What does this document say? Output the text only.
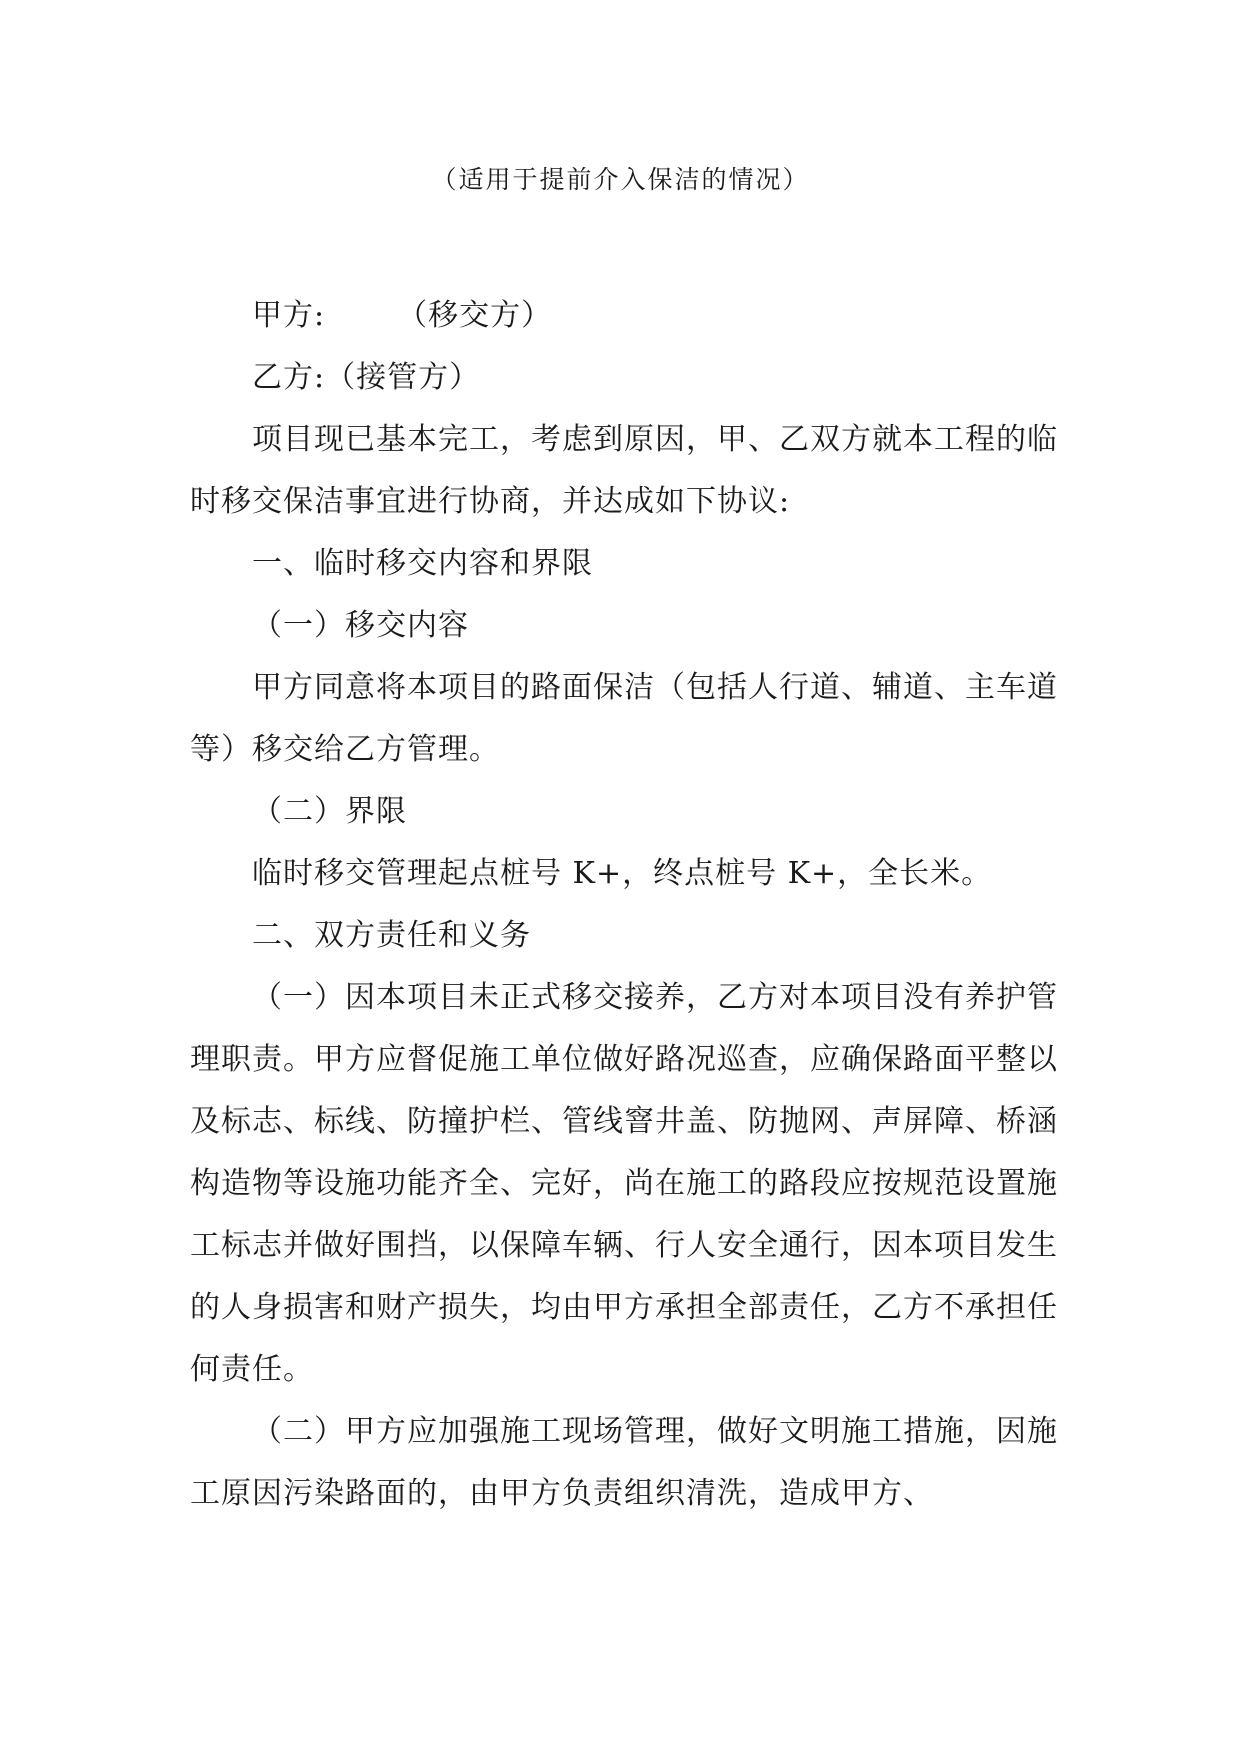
（适用于提前介入保洁的情况）

甲方: （移交方）

乙方:（接管方）

项目现已基本完工，考虑到原因，甲、乙双方就本工程的临时移交保洁事宜进行协商，并达成如下协议:

一、临时移交内容和界限

（一）移交内容

甲方同意将本项目的路面保洁（包括人行道、辅道、主车道等）移交给乙方管理。

（二）界限

临时移交管理起点桩号 K+，终点桩号 K+，全长米。

二、双方责任和义务

（一）因本项目未正式移交接养，乙方对本项目没有养护管理职责。甲方应督促施工单位做好路况巡查，应确保路面平整以及标志、标线、防撞护栏、管线窨井盖、防抛网、声屏障、桥涵构造物等设施功能齐全、完好，尚在施工的路段应按规范设置施工标志并做好围挡，以保障车辆、行人安全通行，因本项目发生的人身损害和财产损失，均由甲方承担全部责任，乙方不承担任何责任。

（二）甲方应加强施工现场管理，做好文明施工措施，因施工原因污染路面的，由甲方负责组织清洗，造成甲方、
